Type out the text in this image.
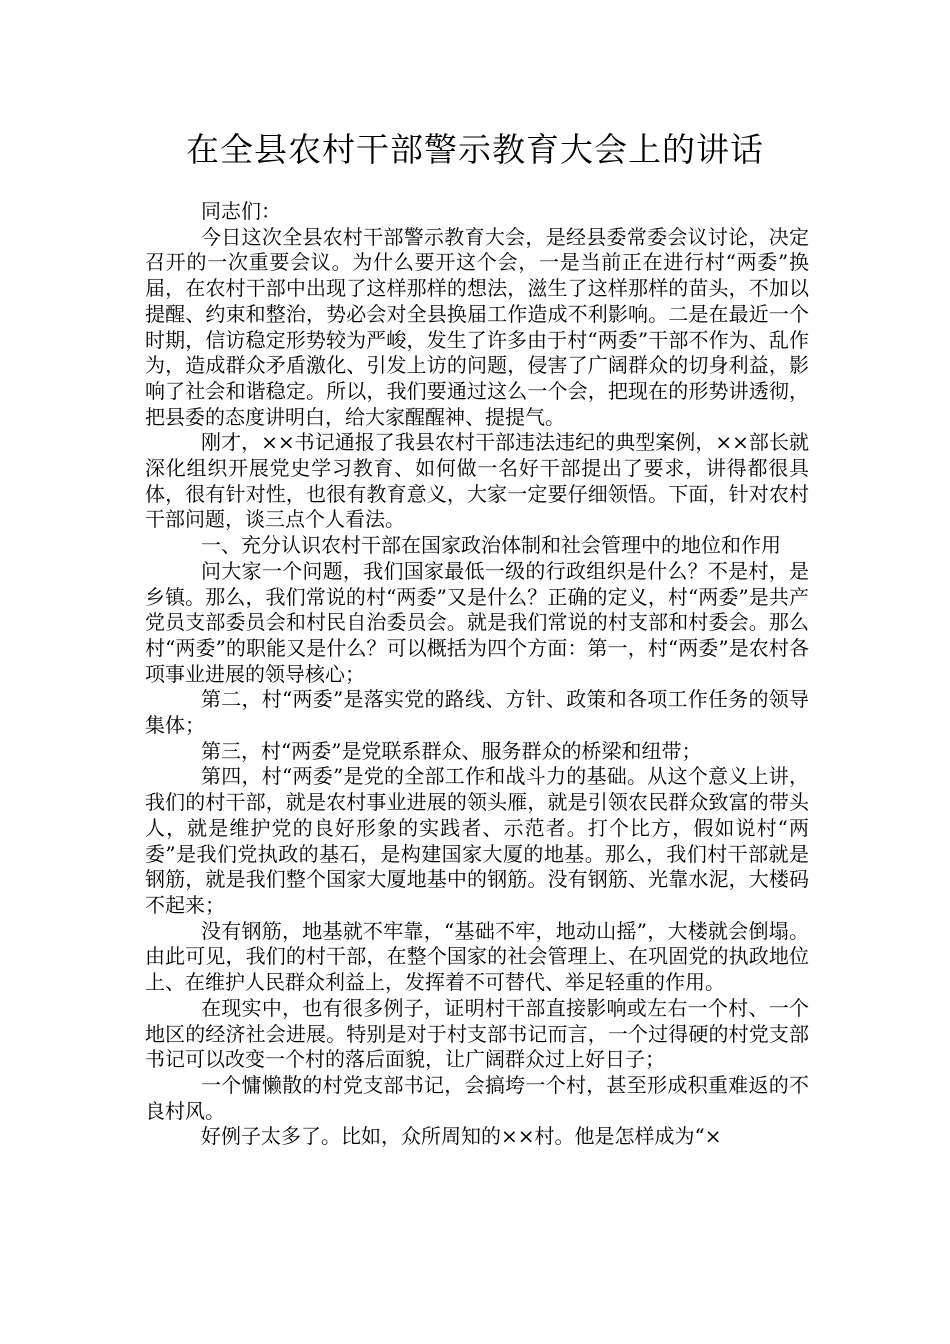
在全县农村干部警示教育大会上的讲话

同志们：

今日这次全县农村干部警示教育大会，是经县委常委会议讨论，决定召开的一次重要会议。为什么要开这个会，一是当前正在进行村“两委”换届，在农村干部中出现了这样那样的想法，滋生了这样那样的苗头，不加以提醒、约束和整治，势必会对全县换届工作造成不利影响。二是在最近一个时期，信访稳定形势较为严峻，发生了许多由于村“两委”干部不作为、乱作为，造成群众矛盾激化、引发上访的问题，侵害了广阔群众的切身利益，影响了社会和谐稳定。所以，我们要通过这么一个会，把现在的形势讲透彻，把县委的态度讲明白，给大家醒醒神、提提气。

刚才，××书记通报了我县农村干部违法违纪的典型案例，××部长就深化组织开展党史学习教育、如何做一名好干部提出了要求，讲得都很具体，很有针对性，也很有教育意义，大家一定要仔细领悟。下面，针对农村干部问题，谈三点个人看法。

一、充分认识农村干部在国家政治体制和社会管理中的地位和作用

问大家一个问题，我们国家最低一级的行政组织是什么？不是村，是乡镇。那么，我们常说的村“两委”又是什么？正确的定义，村“两委”是共产党员支部委员会和村民自治委员会。就是我们常说的村支部和村委会。那么村“两委”的职能又是什么？可以概括为四个方面：第一，村“两委”是农村各项事业进展的领导核心；

第二，村“两委”是落实党的路线、方针、政策和各项工作任务的领导集体；

第三，村“两委”是党联系群众、服务群众的桥梁和纽带；

第四，村“两委”是党的全部工作和战斗力的基础。从这个意义上讲，我们的村干部，就是农村事业进展的领头雁，就是引领农民群众致富的带头人，就是维护党的良好形象的实践者、示范者。打个比方，假如说村“两委”是我们党执政的基石，是构建国家大厦的地基。那么，我们村干部就是钢筋，就是我们整个国家大厦地基中的钢筋。没有钢筋、光靠水泥，大楼码不起来；

没有钢筋，地基就不牢靠，“基础不牢，地动山摇”，大楼就会倒塌。由此可见，我们的村干部，在整个国家的社会管理上、在巩固党的执政地位上、在维护人民群众利益上，发挥着不可替代、举足轻重的作用。

在现实中，也有很多例子，证明村干部直接影响或左右一个村、一个地区的经济社会进展。特别是对于村支部书记而言，一个过得硬的村党支部书记可以改变一个村的落后面貌，让广阔群众过上好日子；

一个慵懒散的村党支部书记，会搞垮一个村，甚至形成积重难返的不良村风。

好例子太多了。比如，众所周知的××村。他是怎样成为“×
